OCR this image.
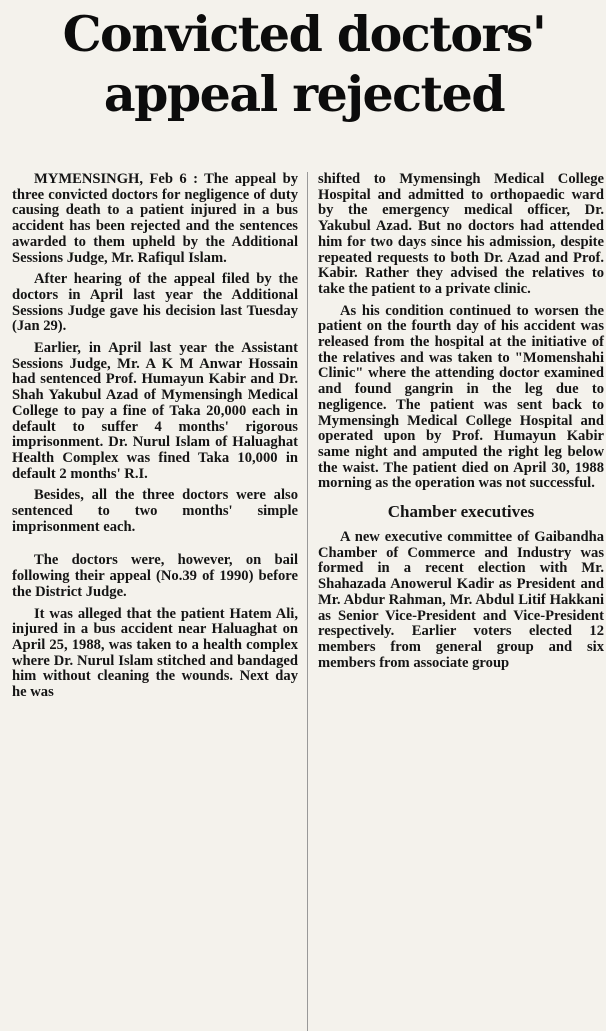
Convicted doctors'
appeal rejected

MYMENSINGH, Feb 6 : The appeal by three convicted doctors for negligence of duty causing death to a patient injured in a bus accident has been rejected and the sentences awarded to them upheld by the Additional Sessions Judge, Mr. Rafiqul Islam.

After hearing of the appeal filed by the doctors in April last year the Additional Sessions Judge gave his decision last Tuesday (Jan 29).

Earlier, in April last year the Assistant Sessions Judge, Mr. A K M Anwar Hossain had sentenced Prof. Humayun Kabir and Dr. Shah Yakubul Azad of Mymensingh Medical College to pay a fine of Taka 20,000 each in default to suffer 4 months' rigorous imprisonment. Dr. Nurul Islam of Haluaghat Health Complex was fined Taka 10,000 in default 2 months' R.I.

Besides, all the three doctors were also sentenced to two months' simple imprisonment each.

The doctors were, however, on bail following their appeal (No.39 of 1990) before the District Judge.

It was alleged that the patient Hatem Ali, injured in a bus accident near Haluaghat on April 25, 1988, was taken to a health complex where Dr. Nurul Islam stitched and bandaged him without cleaning the wounds. Next day he was

shifted to Mymensingh Medical College Hospital and admitted to orthopaedic ward by the emergency medical officer, Dr. Yakubul Azad. But no doctors had attended him for two days since his admission, despite repeated requests to both Dr. Azad and Prof. Kabir. Rather they advised the relatives to take the patient to a private clinic.

As his condition continued to worsen the patient on the fourth day of his accident was released from the hospital at the initiative of the relatives and was taken to "Momenshahi Clinic" where the attending doctor examined and found gangrin in the leg due to negligence. The patient was sent back to Mymensingh Medical College Hospital and operated upon by Prof. Humayun Kabir same night and amputed the right leg below the waist. The patient died on April 30, 1988 morning as the operation was not successful.

Chamber executives

A new executive committee of Gaibandha Chamber of Commerce and Industry was formed in a recent election with Mr. Shahazada Anowerul Kadir as President and Mr. Abdur Rahman, Mr. Abdul Litif Hakkani as Senior Vice-President and Vice-President respectively. Earlier voters elected 12 members from general group and six members from associate group
